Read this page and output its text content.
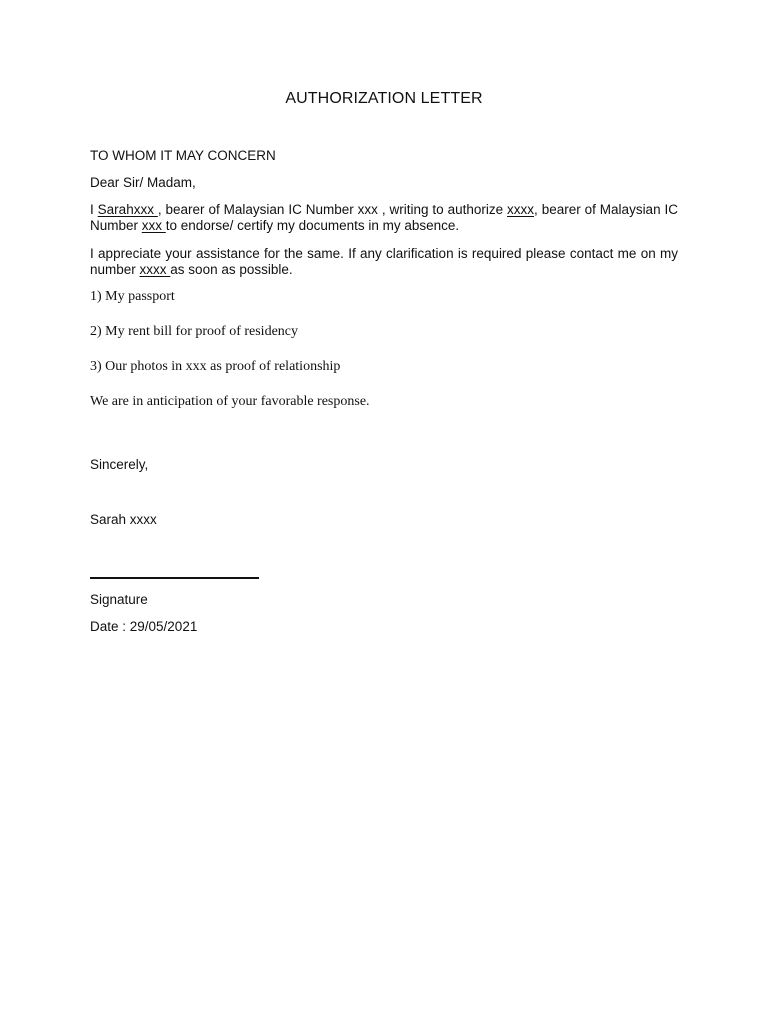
AUTHORIZATION LETTER
TO WHOM IT MAY CONCERN
Dear Sir/ Madam,
I Sarahxxx , bearer of Malaysian IC Number xxx , writing to authorize xxxx, bearer of Malaysian IC Number xxx to endorse/ certify my documents in my absence.
I appreciate your assistance for the same. If any clarification is required please contact me on my number xxxx as soon as possible.
1) My passport
2) My rent bill for proof of residency
3) Our photos in xxx as proof of relationship
We are in anticipation of your favorable response.
Sincerely,
Sarah xxxx
Signature
Date : 29/05/2021
